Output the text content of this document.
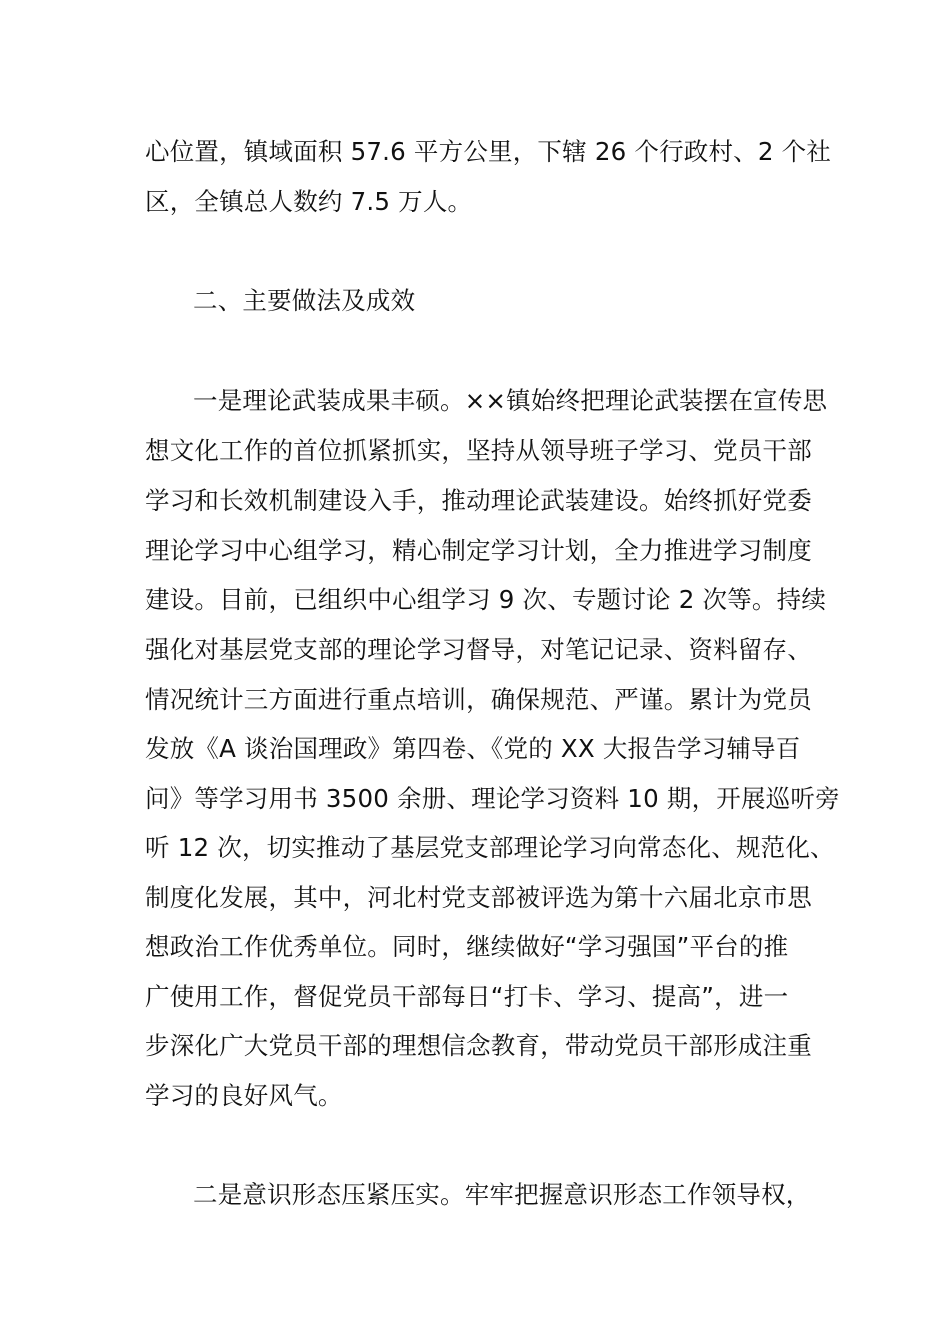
心位置，镇域面积 57.6 平方公里，下辖 26 个行政村、2 个社
区，全镇总人数约 7.5 万人。
二、主要做法及成效
一是理论武装成果丰硕。××镇始终把理论武装摆在宣传思
想文化工作的首位抓紧抓实，坚持从领导班子学习、党员干部
学习和长效机制建设入手，推动理论武装建设。始终抓好党委
理论学习中心组学习，精心制定学习计划，全力推进学习制度
建设。目前，已组织中心组学习 9 次、专题讨论 2 次等。持续
强化对基层党支部的理论学习督导，对笔记记录、资料留存、
情况统计三方面进行重点培训，确保规范、严谨。累计为党员
发放《A 谈治国理政》第四卷、《党的 XX 大报告学习辅导百
问》等学习用书 3500 余册、理论学习资料 10 期，开展巡听旁
听 12 次，切实推动了基层党支部理论学习向常态化、规范化、
制度化发展，其中，河北村党支部被评选为第十六届北京市思
想政治工作优秀单位。同时，继续做好“学习强国”平台的推
广使用工作，督促党员干部每日“打卡、学习、提高”，进一
步深化广大党员干部的理想信念教育，带动党员干部形成注重
学习的良好风气。
二是意识形态压紧压实。牢牢把握意识形态工作领导权，
